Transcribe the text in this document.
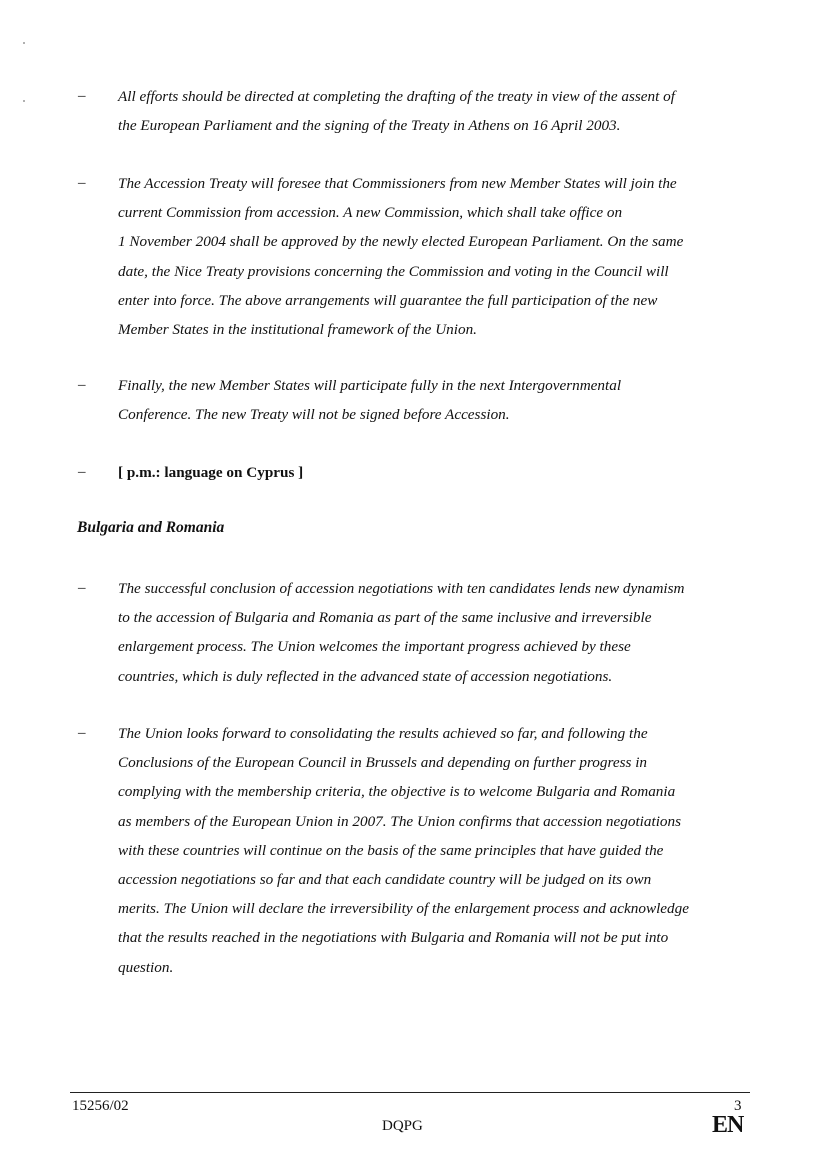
– All efforts should be directed at completing the drafting of the treaty in view of the assent of
the European Parliament and the signing of the Treaty in Athens on 16 April 2003.
– The Accession Treaty will foresee that Commissioners from new Member States will join the
current Commission from accession. A new Commission, which shall take office on
1 November 2004 shall be approved by the newly elected European Parliament. On the same
date, the Nice Treaty provisions concerning the Commission and voting in the Council will
enter into force. The above arrangements will guarantee the full participation of the new
Member States in the institutional framework of the Union.
– Finally, the new Member States will participate fully in the next Intergovernmental
Conference. The new Treaty will not be signed before Accession.
– [ p.m.: language on Cyprus ]
Bulgaria and Romania
– The successful conclusion of accession negotiations with ten candidates lends new dynamism
to the accession of Bulgaria and Romania as part of the same inclusive and irreversible
enlargement process. The Union welcomes the important progress achieved by these
countries, which is duly reflected in the advanced state of accession negotiations.
– The Union looks forward to consolidating the results achieved so far, and following the
Conclusions of the European Council in Brussels and depending on further progress in
complying with the membership criteria, the objective is to welcome Bulgaria and Romania
as members of the European Union in 2007. The Union confirms that accession negotiations
with these countries will continue on the basis of the same principles that have guided the
accession negotiations so far and that each candidate country will be judged on its own
merits. The Union will declare the irreversibility of the enlargement process and acknowledge
that the results reached in the negotiations with Bulgaria and Romania will not be put into
question.
15256/02
DQPG
3
EN
